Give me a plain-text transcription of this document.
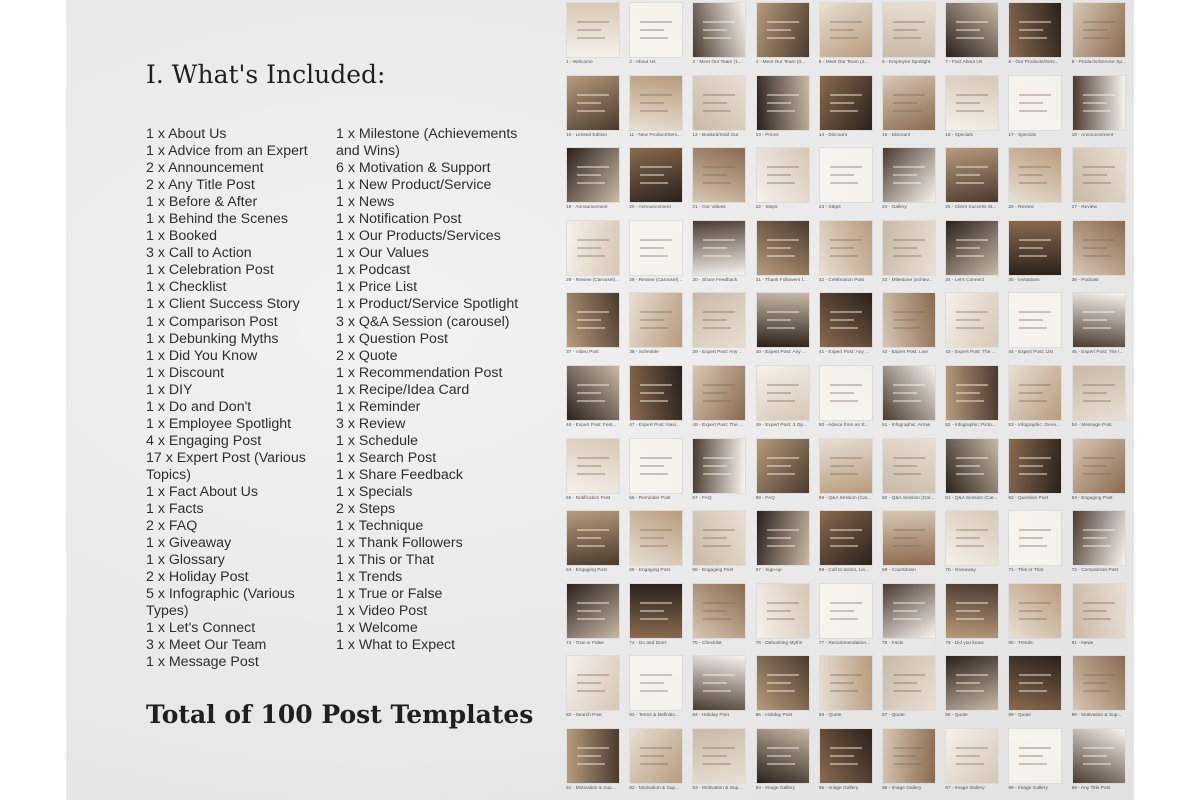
I. What's Included:
1 x About Us
1 x Advice from an Expert
2 x Announcement
2 x Any Title Post
1 x Before & After
1 x Behind the Scenes
1 x Booked
3 x Call to Action
1 x Celebration Post
1 x Checklist
1 x Client Success Story
1 x Comparison Post
1 x Debunking Myths
1 x Did You Know
1 x Discount
1 x DIY
1 x Do and Don't
1 x Employee Spotlight
4 x Engaging Post
17 x Expert Post (Various Topics)
1 x Fact About Us
1 x Facts
2 x FAQ
1 x Giveaway
1 x Glossary
2 x Holiday Post
5 x Infographic (Various Types)
1 x Let's Connect
3 x Meet Our Team
1 x Message Post
1 x Milestone (Achievements and Wins)
6 x Motivation & Support
1 x New Product/Service
1 x News
1 x Notification Post
1 x Our Products/Services
1 x Our Values
1 x Podcast
1 x Price List
1 x Product/Service Spotlight
3 x Q&A Session (carousel)
1 x Question Post
2 x Quote
1 x Recommendation Post
1 x Recipe/Idea Card
1 x Reminder
3 x Review
1 x Schedule
1 x Search Post
1 x Share Feedback
1 x Specials
2 x Steps
1 x Technique
1 x Thank Followers
1 x This or That
1 x Trends
1 x True or False
1 x Video Post
1 x Welcome
1 x What to Expect
Total of 100 Post Templates
1 - Welcome	2 - About Us	3 - Meet Our Team (1...	4 - Meet Our Team (3...	5 - Meet Our Team (4...	6 - Employee Spotlight	7 - Fact About Us	8 - Our Products/Serv...	9 - Products/Service Sp...
10 - Limited Edition	11 - New Product/Serv...	12 - Booked/Sold Out	13 - Prices	14 - Discount	15 - Discount	16 - Specials	17 - Specials	18 - Announcement
19 - Announcement	20 - Announcement	21 - Our Values	22 - Steps	23 - Steps	24 - Gallery	25 - Client Success St...	26 - Review	27 - Review
28 - Review (Carousel)...	29 - Review (Carousel)...	30 - Share Feedback	31 - Thank Followers f...	32 - Celebration Post	33 - Milestone (achiev...	34 - Let's Connect	35 - Invitations	36 - Podcast
37 - Video Post	38 - Schedule	39 - Expert Post: Any ...	40 - Expert Post: Any ...	41 - Expert Post: Any ...	42 - Expert Post: Live	43 - Expert Post: The ...	44 - Expert Post: List	45 - Expert Post: The I...
46 - Expert Post: Fest...	47 - Expert Post: Navi...	48 - Expert Post: The ...	49 - Expert Post: 3 Op...	50 - Advice from an E...	51 - Infographic: Arrow	52 - Infographic: Picto...	53 - Infographic: Gene...	54 - Message Post
55 - Notification Post	56 - Reminder Post	57 - FAQ	58 - FAQ	59 - Q&A Session (Car...	60 - Q&A Session (Car...	61 - Q&A Session (Car...	62 - Question Post	63 - Engaging Post
64 - Engaging Post	65 - Engaging Post	66 - Engaging Post	67 - Sign-up	68 - Call to action, Lin...	69 - Countdown	70 - Giveaway	71 - This or That	72 - Comparison Post
73 - True or False	74 - Do and Don't	75 - Checklist	76 - Debunking Myths	77 - Recommendation...	78 - Facts	79 - Did you know	80 - Trends	81 - News
82 - Search Post	83 - Terms & Definitio...	84 - Holiday Post	85 - Holiday Post	86 - Quote	87 - Quote	88 - Quote	89 - Quote	90 - Motivation & Sup...
91 - Motivation & Sup...	92 - Motivation & Sup...	93 - Motivation & Sup...	94 - Image Gallery	95 - Image Gallery	96 - Image Gallery	97 - Image Gallery	98 - Image Gallery	99 - Any Title Post
